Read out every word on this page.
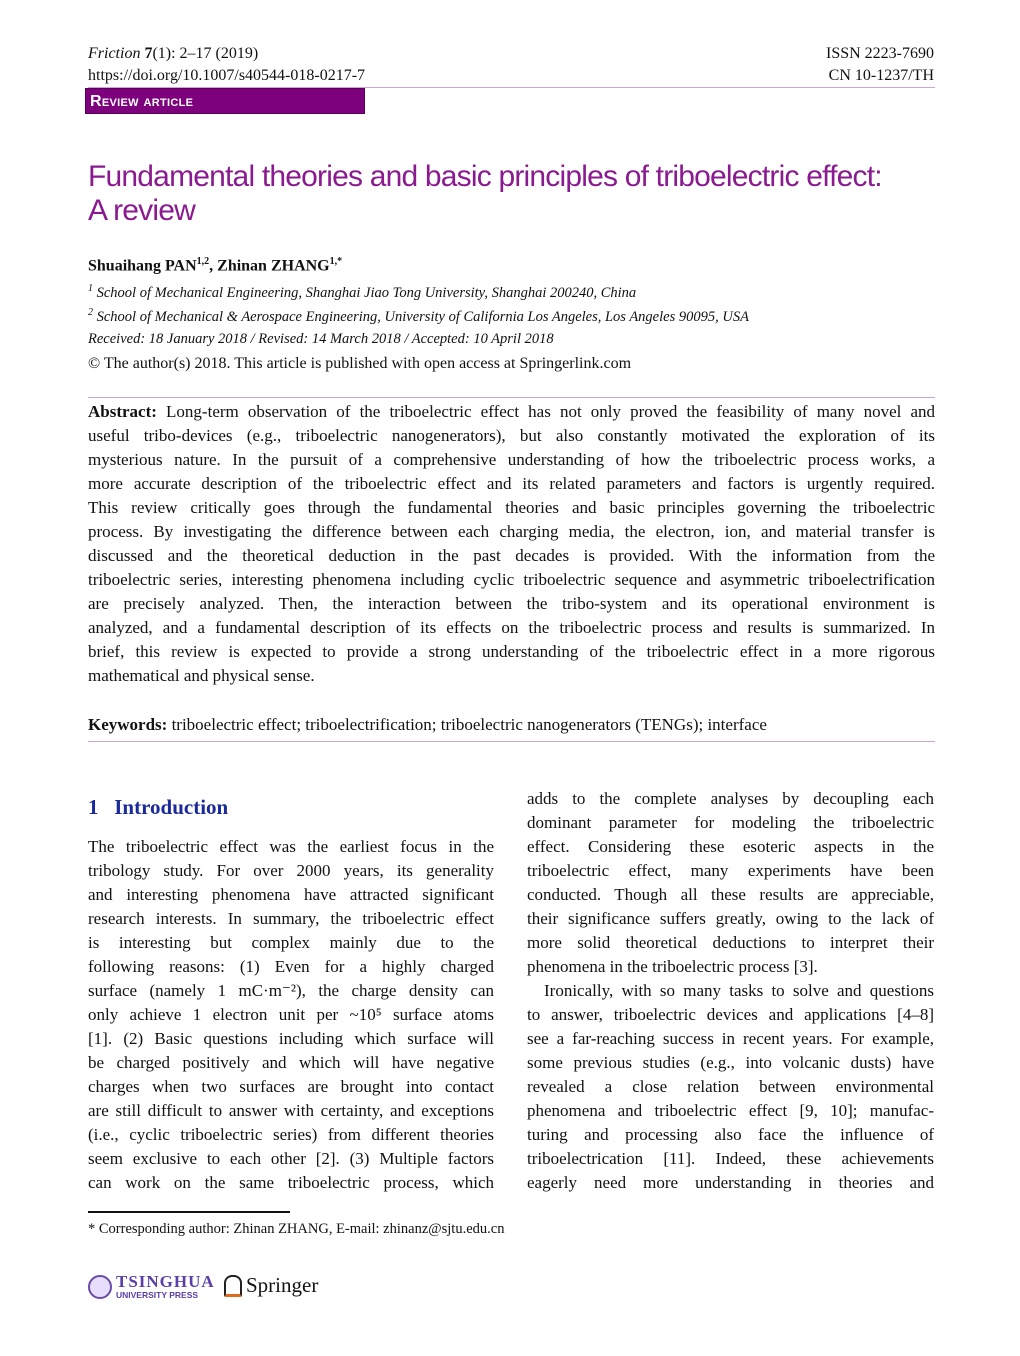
Friction 7(1): 2–17 (2019)
https://doi.org/10.1007/s40544-018-0217-7
ISSN 2223-7690
CN 10-1237/TH
Review article
Fundamental theories and basic principles of triboelectric effect:
A review
Shuaihang PAN$^{1,2}$, Zhinan $ZHANG^{1,*}$
$^1$ School of Mechanical Engineering, Shanghai Jiao Tong University, Shanghai 200240, China
$^2$ School of Mechanical & Aerospace Engineering, University of California Los Angeles, Los Angeles 90095, USA
Received: 18 January 2018 / Revised: 14 March 2018 / Accepted: 10 April 2018
© The author(s) 2018. This article is published with open access at Springerlink.com
Abstract: Long-term observation of the triboelectric effect has not only proved the feasibility of many novel and
useful tribo-devices (e.g., triboelectric nanogenerators), but also constantly motivated the exploration of its
mysterious nature. In the pursuit of a comprehensive understanding of how the triboelectric process works, a
more accurate description of the triboelectric effect and its related parameters and factors is urgently required.
This review critically goes through the fundamental theories and basic principles governing the triboelectric
process. By investigating the difference between each charging media, the electron, ion, and material transfer is
discussed and the theoretical deduction in the past decades is provided. With the information from the
triboelectric series, interesting phenomena including cyclic triboelectric sequence and asymmetric triboelectrification
are precisely analyzed. Then, the interaction between the tribo-system and its operational environment is
analyzed, and a fundamental description of its effects on the triboelectric process and results is summarized. In
brief, this review is expected to provide a strong understanding of the triboelectric effect in a more rigorous
mathematical and physical sense.
Keywords: triboelectric effect; triboelectrification; triboelectric nanogenerators (TENGs); interface
1 Introduction
The triboelectric effect was the earliest focus in the
tribology study. For over 2000 years, its generality
and interesting phenomena have attracted significant
research interests. In summary, the triboelectric effect
is interesting but complex mainly due to the
following reasons: (1) Even for a highly charged
surface (namely 1 mC·m⁻²), the charge density can
only achieve 1 electron unit per ~10⁵ surface atoms
[1]. (2) Basic questions including which surface will
be charged positively and which will have negative
charges when two surfaces are brought into contact
are still difficult to answer with certainty, and exceptions
(i.e., cyclic triboelectric series) from different theories
seem exclusive to each other [2]. (3) Multiple factors
can work on the same triboelectric process, which
adds to the complete analyses by decoupling each
dominant parameter for modeling the triboelectric
effect. Considering these esoteric aspects in the
triboelectric effect, many experiments have been
conducted. Though all these results are appreciable,
their significance suffers greatly, owing to the lack of
more solid theoretical deductions to interpret their
phenomena in the triboelectric process [3].
Ironically, with so many tasks to solve and questions
to answer, triboelectric devices and applications [4–8]
see a far-reaching success in recent years. For example,
some previous studies (e.g., into volcanic dusts) have
revealed a close relation between environmental
phenomena and triboelectric effect [9, 10]; manufac-
turing and processing also face the influence of
triboelectrication [11]. Indeed, these achievements
eagerly need more understanding in theories and
* Corresponding author: Zhinan ZHANG, E-mail: zhinanz@sjtu.edu.cn
TSINGHUA
UNIVERSITY PRESS	Springer
